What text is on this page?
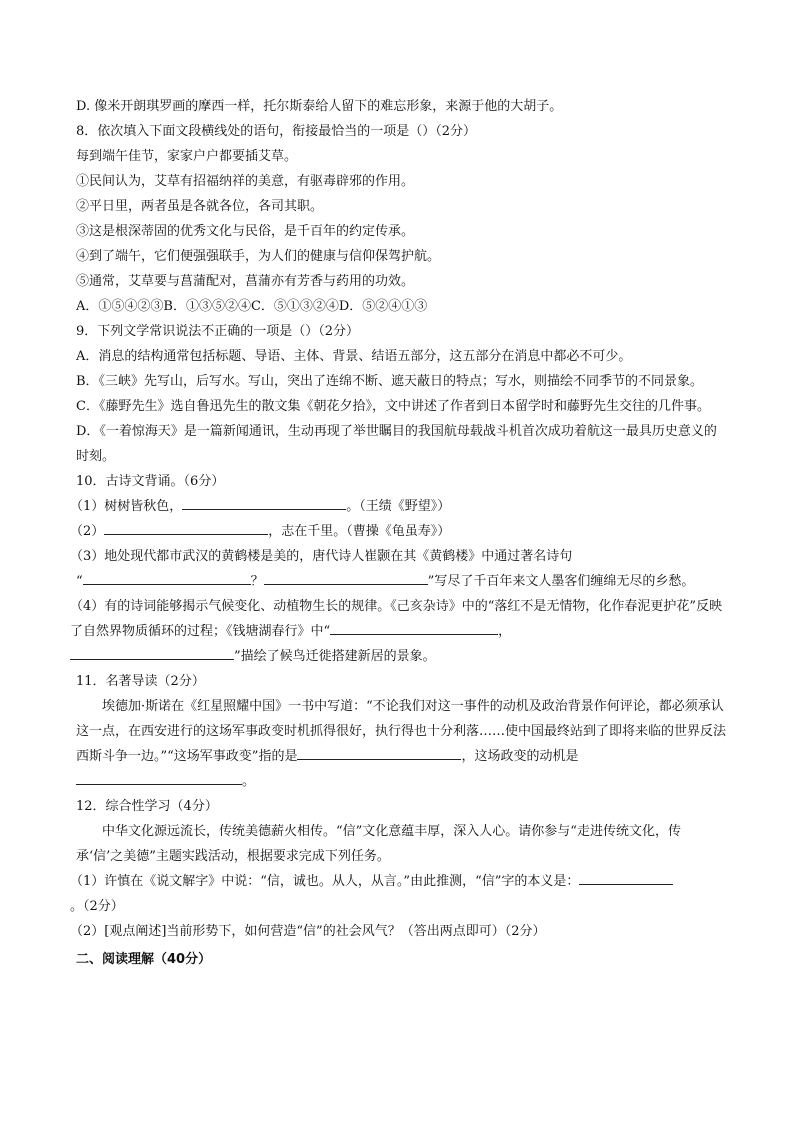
D. 像米开朗琪罗画的摩西一样，托尔斯泰给人留下的难忘形象，来源于他的大胡子。

8．依次填入下面文段横线处的语句，衔接最恰当的一项是（）（2分）

每到端午佳节，家家户户都要插艾草。

①民间认为，艾草有招福纳祥的美意，有驱毒辟邪的作用。

②平日里，两者虽是各就各位，各司其职。

③这是根深蒂固的优秀文化与民俗，是千百年的约定传承。

④到了端午，它们便强强联手，为人们的健康与信仰保驾护航。

⑤通常，艾草要与菖蒲配对，菖蒲亦有芳香与药用的功效。

A．①⑤④②③B．①③⑤②④C．⑤①③②④D．⑤②④①③

9．下列文学常识说法不正确的一项是（）（2分）

A．消息的结构通常包括标题、导语、主体、背景、结语五部分，这五部分在消息中都必不可少。

B．《三峡》先写山，后写水。写山，突出了连绵不断、遮天蔽日的特点；写水，则描绘不同季节的不同景象。

C．《藤野先生》选自鲁迅先生的散文集《朝花夕拾》，文中讲述了作者到日本留学时和藤野先生交往的几件事。

D．《一着惊海天》是一篇新闻通讯，生动再现了举世瞩目的我国航母载战斗机首次成功着航这一最具历史意义的时刻。

10．古诗文背诵。（6分）

（1）树树皆秋色，	。（王绩《野望》）

（2）	，志在千里。（曹操《龟虽寿》）

（3）地处现代都市武汉的黄鹤楼是美的，唐代诗人崔颢在其《黄鹤楼》中通过著名诗句

“	？	”写尽了千百年来文人墨客们缠绵无尽的乡愁。

（4）有的诗词能够揭示气候变化、动植物生长的规律。《己亥杂诗》中的“落红不是无情物，化作春泥更护花”反映了自然界物质循环的过程；《钱塘湖春行》中“	，”描绘了候鸟迁徙搭建新居的景象。

11．名著导读（2分）

埃德加·斯诺在《红星照耀中国》一书中写道：“不论我们对这一事件的动机及政治背景作何评论，都必须承认这一点，在西安进行的这场军事政变时机抓得很好，执行得也十分利落……使中国最终站到了即将来临的世界反法西斯斗争一边。”“这场军事政变”指的是	，这场政变的动机是。

12．综合性学习（4分）

中华文化源远流长，传统美德薪火相传。“信”文化意蕴丰厚，深入人心。请你参与“走进传统文化，传承‘信’之美德”主题实践活动，根据要求完成下列任务。

（1）许慎在《说文解字》中说：“信，诚也。从人，从言。”由此推测，“信”字的本义是：。（2分）

（2）[观点阐述]当前形势下，如何营造“信”的社会风气？（答出两点即可）（2分）

二、阅读理解（40分）
